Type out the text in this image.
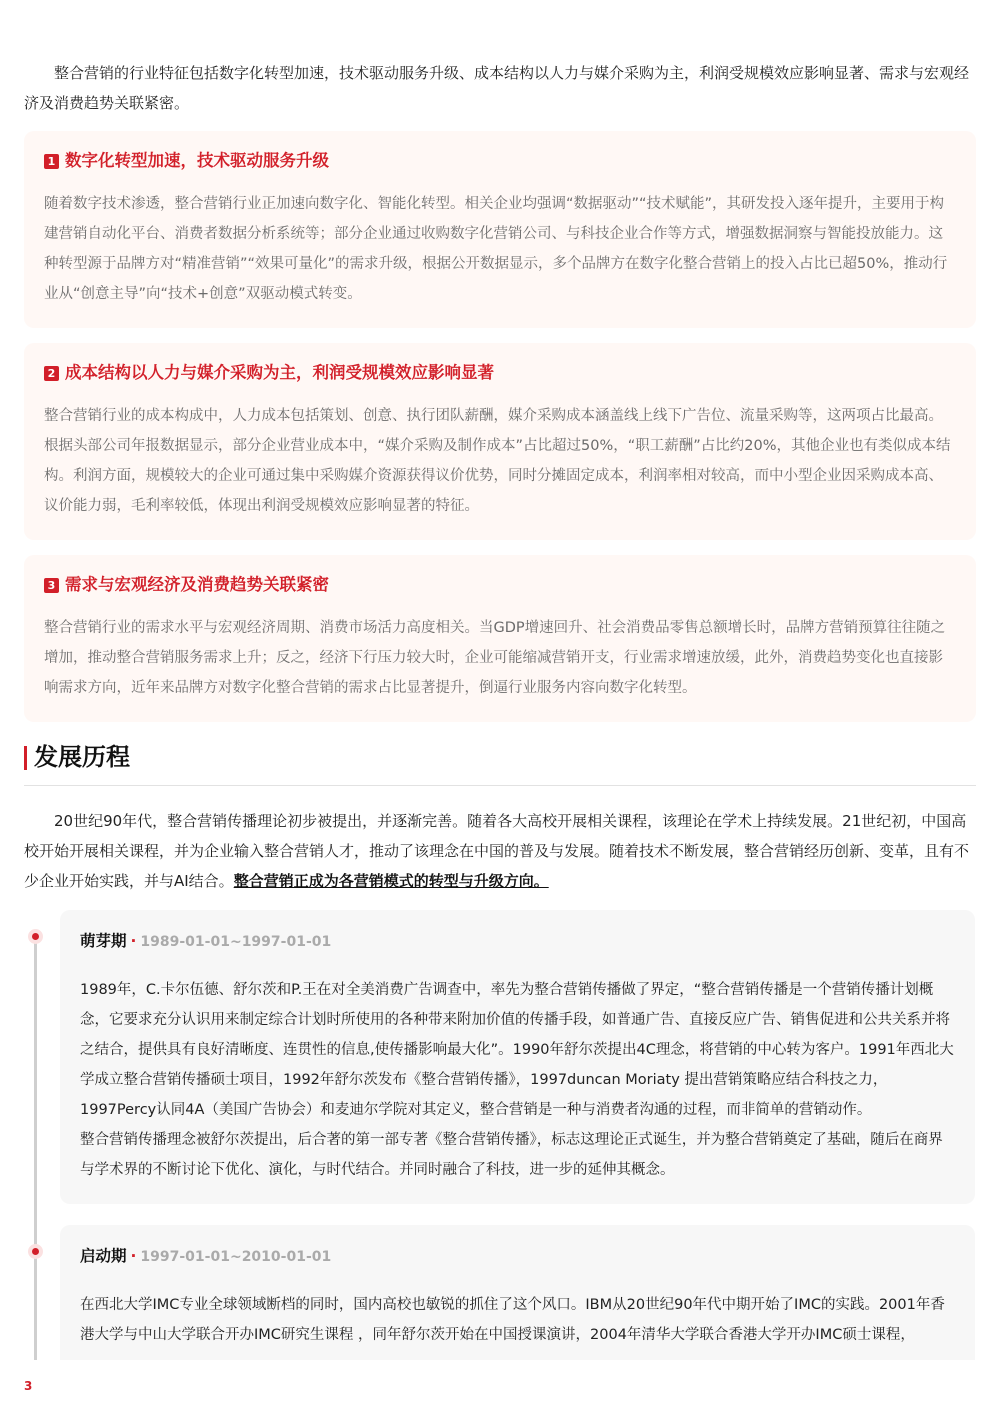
整合营销的行业特征包括数字化转型加速，技术驱动服务升级、成本结构以人力与媒介采购为主，利润受规模效应影响显著、需求与宏观经济及消费趋势关联紧密。

1 数字化转型加速，技术驱动服务升级

随着数字技术渗透，整合营销行业正加速向数字化、智能化转型。相关企业均强调“数据驱动”“技术赋能”，其研发投入逐年提升，主要用于构建营销自动化平台、消费者数据分析系统等；部分企业通过收购数字化营销公司、与科技企业合作等方式，增强数据洞察与智能投放能力。这种转型源于品牌方对“精准营销”“效果可量化”的需求升级，根据公开数据显示，多个品牌方在数字化整合营销上的投入占比已超50%，推动行业从“创意主导”向“技术+创意”双驱动模式转变。

2 成本结构以人力与媒介采购为主，利润受规模效应影响显著

整合营销行业的成本构成中，人力成本包括策划、创意、执行团队薪酬，媒介采购成本涵盖线上线下广告位、流量采购等，这两项占比最高。根据头部公司年报数据显示，部分企业营业成本中，“媒介采购及制作成本”占比超过50%，“职工薪酬”占比约20%，其他企业也有类似成本结构。利润方面，规模较大的企业可通过集中采购媒介资源获得议价优势，同时分摊固定成本，利润率相对较高，而中小型企业因采购成本高、议价能力弱，毛利率较低，体现出利润受规模效应影响显著的特征。

3 需求与宏观经济及消费趋势关联紧密

整合营销行业的需求水平与宏观经济周期、消费市场活力高度相关。当GDP增速回升、社会消费品零售总额增长时，品牌方营销预算往往随之增加，推动整合营销服务需求上升；反之，经济下行压力较大时，企业可能缩减营销开支，行业需求增速放缓，此外，消费趋势变化也直接影响需求方向，近年来品牌方对数字化整合营销的需求占比显著提升，倒逼行业服务内容向数字化转型。

发展历程

20世纪90年代，整合营销传播理论初步被提出，并逐渐完善。随着各大高校开展相关课程，该理论在学术上持续发展。21世纪初，中国高校开始开展相关课程，并为企业输入整合营销人才，推动了该理念在中国的普及与发展。随着技术不断发展，整合营销经历创新、变革，且有不少企业开始实践，并与AI结合。整合营销正成为各营销模式的转型与升级方向。

萌芽期 · 1989-01-01~1997-01-01

1989年，C.卡尔伍德、舒尔茨和P.王在对全美消费广告调查中，率先为整合营销传播做了界定，“整合营销传播是一个营销传播计划概念，它要求充分认识用来制定综合计划时所使用的各种带来附加价值的传播手段，如普通广告、直接反应广告、销售促进和公共关系并将之结合，提供具有良好清晰度、连贯性的信息,使传播影响最大化”。1990年舒尔茨提出4C理念，将营销的中心转为客户。1991年西北大学成立整合营销传播硕士项目，1992年舒尔茨发布《整合营销传播》，1997duncan Moriaty 提出营销策略应结合科技之力，1997Percy认同4A（美国广告协会）和麦迪尔学院对其定义，整合营销是一种与消费者沟通的过程，而非简单的营销动作。

整合营销传播理念被舒尔茨提出，后合著的第一部专著《整合营销传播》，标志这理论正式诞生，并为整合营销奠定了基础，随后在商界与学术界的不断讨论下优化、演化，与时代结合。并同时融合了科技，进一步的延伸其概念。

启动期 · 1997-01-01~2010-01-01

在西北大学IMC专业全球领域断档的同时，国内高校也敏锐的抓住了这个风口。IBM从20世纪90年代中期开始了IMC的实践。2001年香港大学与中山大学联合开办IMC研究生课程 ，同年舒尔茨开始在中国授课演讲，2004年清华大学联合香港大学开办IMC硕士课程，

3
